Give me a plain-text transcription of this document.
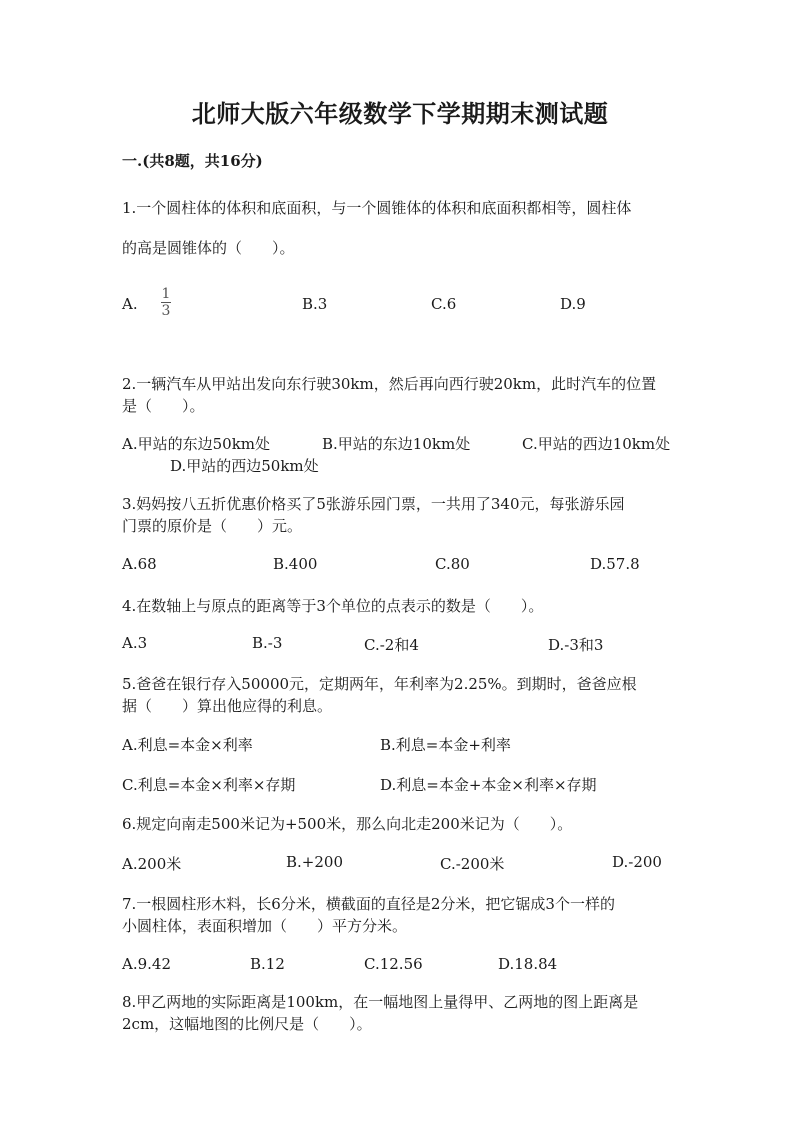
北师大版六年级数学下学期期末测试题
一.(共8题，共16分)
1.一个圆柱体的体积和底面积，与一个圆锥体的体积和底面积都相等，圆柱体
的高是圆锥体的（　　）。
A.
1
3	B.3	C.6	D.9
2.一辆汽车从甲站出发向东行驶30km，然后再向西行驶20km，此时汽车的位置
是（　　）。
A.甲站的东边50km处	B.甲站的东边10km处	C.甲站的西边10km处
D.甲站的西边50km处
3.妈妈按八五折优惠价格买了5张游乐园门票，一共用了340元，每张游乐园
门票的原价是（　　）元。
A.68	B.400	C.80	D.57.8
4.在数轴上与原点的距离等于3个单位的点表示的数是（　　）。
A.3	B.-3	C.-2和4	D.-3和3
5.爸爸在银行存入50000元，定期两年，年利率为2.25%。到期时，爸爸应根
据（　　）算出他应得的利息。
A.利息=本金×利率	B.利息=本金+利率
C.利息=本金×利率×存期	D.利息=本金+本金×利率×存期
6.规定向南走500米记为+500米，那么向北走200米记为（　　）。
A.200米	B.+200	C.-200米	D.-200
7.一根圆柱形木料，长6分米，横截面的直径是2分米，把它锯成3个一样的
小圆柱体，表面积增加（　　）平方分米。
A.9.42	B.12	C.12.56	D.18.84
8.甲乙两地的实际距离是100km，在一幅地图上量得甲、乙两地的图上距离是
2cm，这幅地图的比例尺是（　　）。
